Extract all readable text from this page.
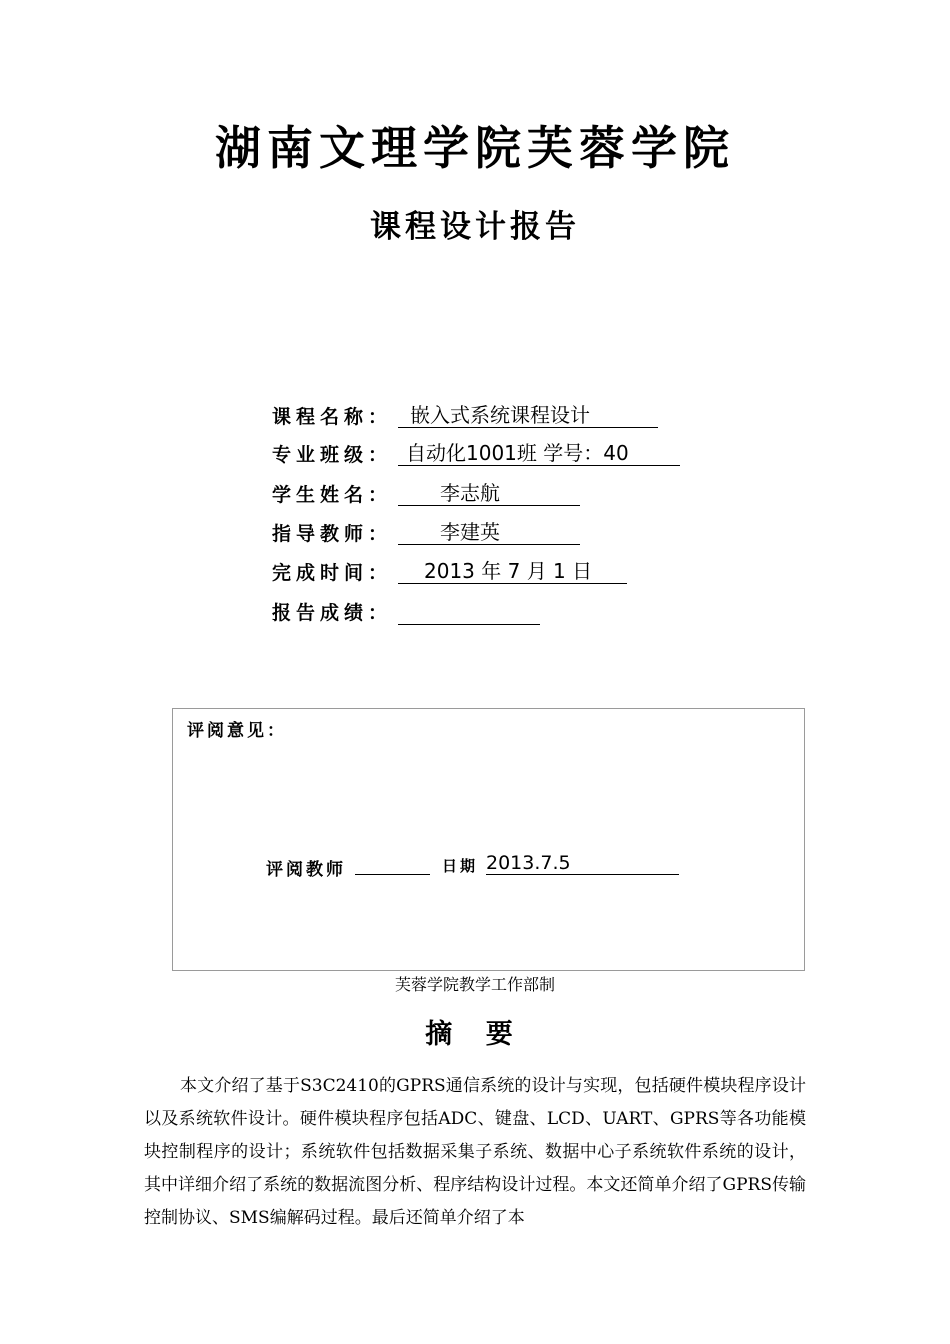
湖南文理学院芙蓉学院
课程设计报告
课程名称： 嵌入式系统课程设计
专业班级： 自动化1001班 学号：40
学生姓名：	李志航
指导教师：	李建英
完成时间：	2013 年 7 月 1 日
报告成绩：
评阅意见：
评阅教师	日期 2013.7.5
芙蓉学院教学工作部制
摘 要
本文介绍了基于S3C2410的GPRS通信系统的设计与实现，包括硬件模块程序设计以及系统软件设计。硬件模块程序包括ADC、键盘、LCD、UART、GPRS等各功能模块控制程序的设计；系统软件包括数据采集子系统、数据中心子系统软件系统的设计，其中详细介绍了系统的数据流图分析、程序结构设计过程。本文还简单介绍了GPRS传输控制协议、SMS编解码过程。最后还简单介绍了本
